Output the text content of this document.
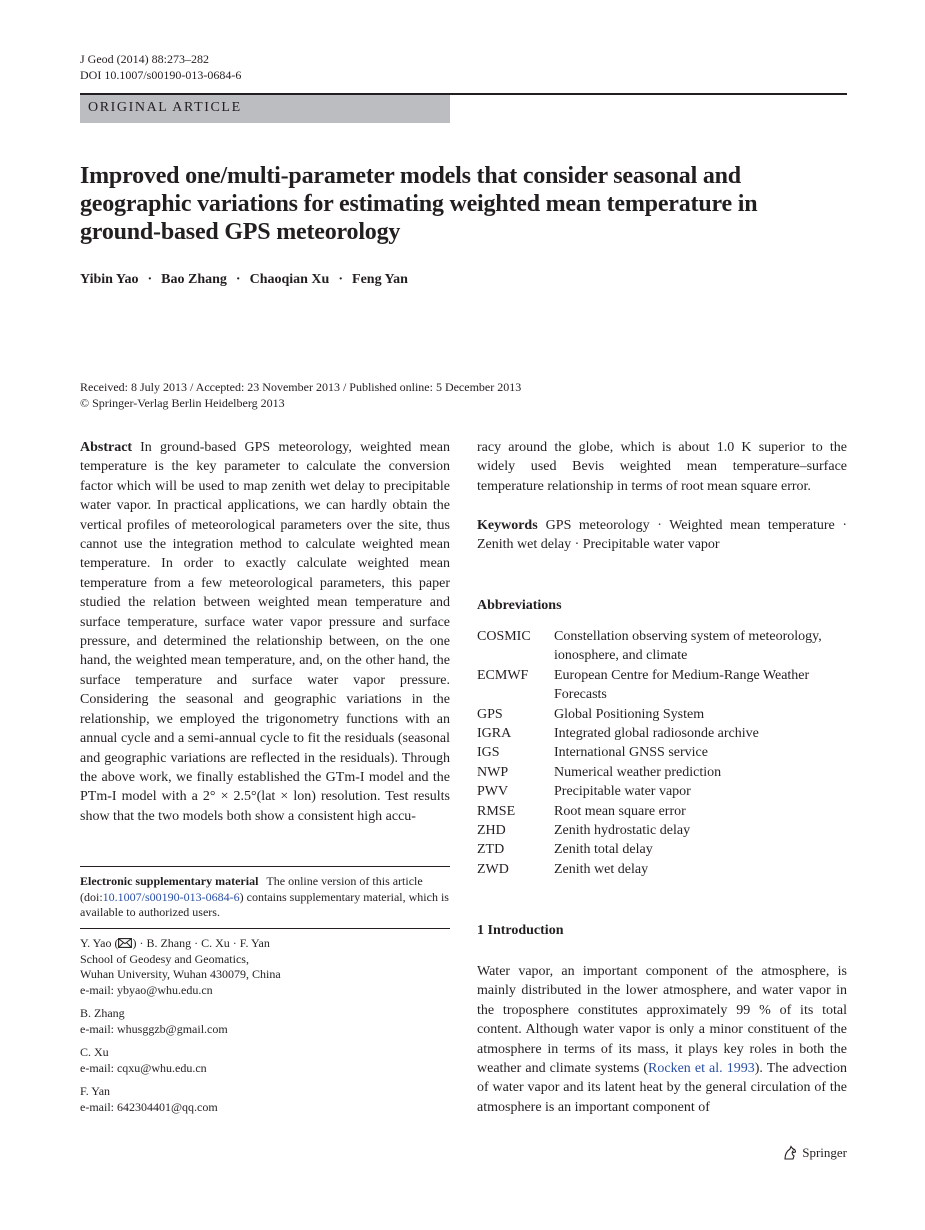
J Geod (2014) 88:273–282
DOI 10.1007/s00190-013-0684-6
ORIGINAL ARTICLE
Improved one/multi-parameter models that consider seasonal and geographic variations for estimating weighted mean temperature in ground-based GPS meteorology
Yibin Yao · Bao Zhang · Chaoqian Xu · Feng Yan
Received: 8 July 2013 / Accepted: 23 November 2013 / Published online: 5 December 2013
© Springer-Verlag Berlin Heidelberg 2013
Abstract In ground-based GPS meteorology, weighted mean temperature is the key parameter to calculate the conversion factor which will be used to map zenith wet delay to precipitable water vapor. In practical applications, we can hardly obtain the vertical profiles of meteorological parameters over the site, thus cannot use the integration method to calculate weighted mean temperature. In order to exactly calculate weighted mean temperature from a few meteorological parameters, this paper studied the relation between weighted mean temperature and surface temperature, surface water vapor pressure and surface pressure, and determined the relationship between, on the one hand, the weighted mean temperature, and, on the other hand, the surface temperature and surface water vapor pressure. Considering the seasonal and geographic variations in the relationship, we employed the trigonometry functions with an annual cycle and a semi-annual cycle to fit the residuals (seasonal and geographic variations are reflected in the residuals). Through the above work, we finally established the GTm-I model and the PTm-I model with a 2° × 2.5°(lat × lon) resolution. Test results show that the two models both show a consistent high accu-
Electronic supplementary material The online version of this article (doi:10.1007/s00190-013-0684-6) contains supplementary material, which is available to authorized users.
Y. Yao ( ) · B. Zhang · C. Xu · F. Yan
School of Geodesy and Geomatics,
Wuhan University, Wuhan 430079, China
e-mail: ybyao@whu.edu.cn
B. Zhang
e-mail: whusggzb@gmail.com
C. Xu
e-mail: cqxu@whu.edu.cn
F. Yan
e-mail: 642304401@qq.com
racy around the globe, which is about 1.0 K superior to the widely used Bevis weighted mean temperature–surface temperature relationship in terms of root mean square error.
Keywords GPS meteorology · Weighted mean temperature · Zenith wet delay · Precipitable water vapor
Abbreviations
COSMIC	Constellation observing system of meteorology, ionosphere, and climate
ECMWF	European Centre for Medium-Range Weather Forecasts
GPS	Global Positioning System
IGRA	Integrated global radiosonde archive
IGS	International GNSS service
NWP	Numerical weather prediction
PWV	Precipitable water vapor
RMSE	Root mean square error
ZHD	Zenith hydrostatic delay
ZTD	Zenith total delay
ZWD	Zenith wet delay
1 Introduction
Water vapor, an important component of the atmosphere, is mainly distributed in the lower atmosphere, and water vapor in the troposphere constitutes approximately 99 % of its total content. Although water vapor is only a minor constituent of the atmosphere in terms of its mass, it plays key roles in both the weather and climate systems (Rocken et al. 1993). The advection of water vapor and its latent heat by the general circulation of the atmosphere is an important component of
Springer
